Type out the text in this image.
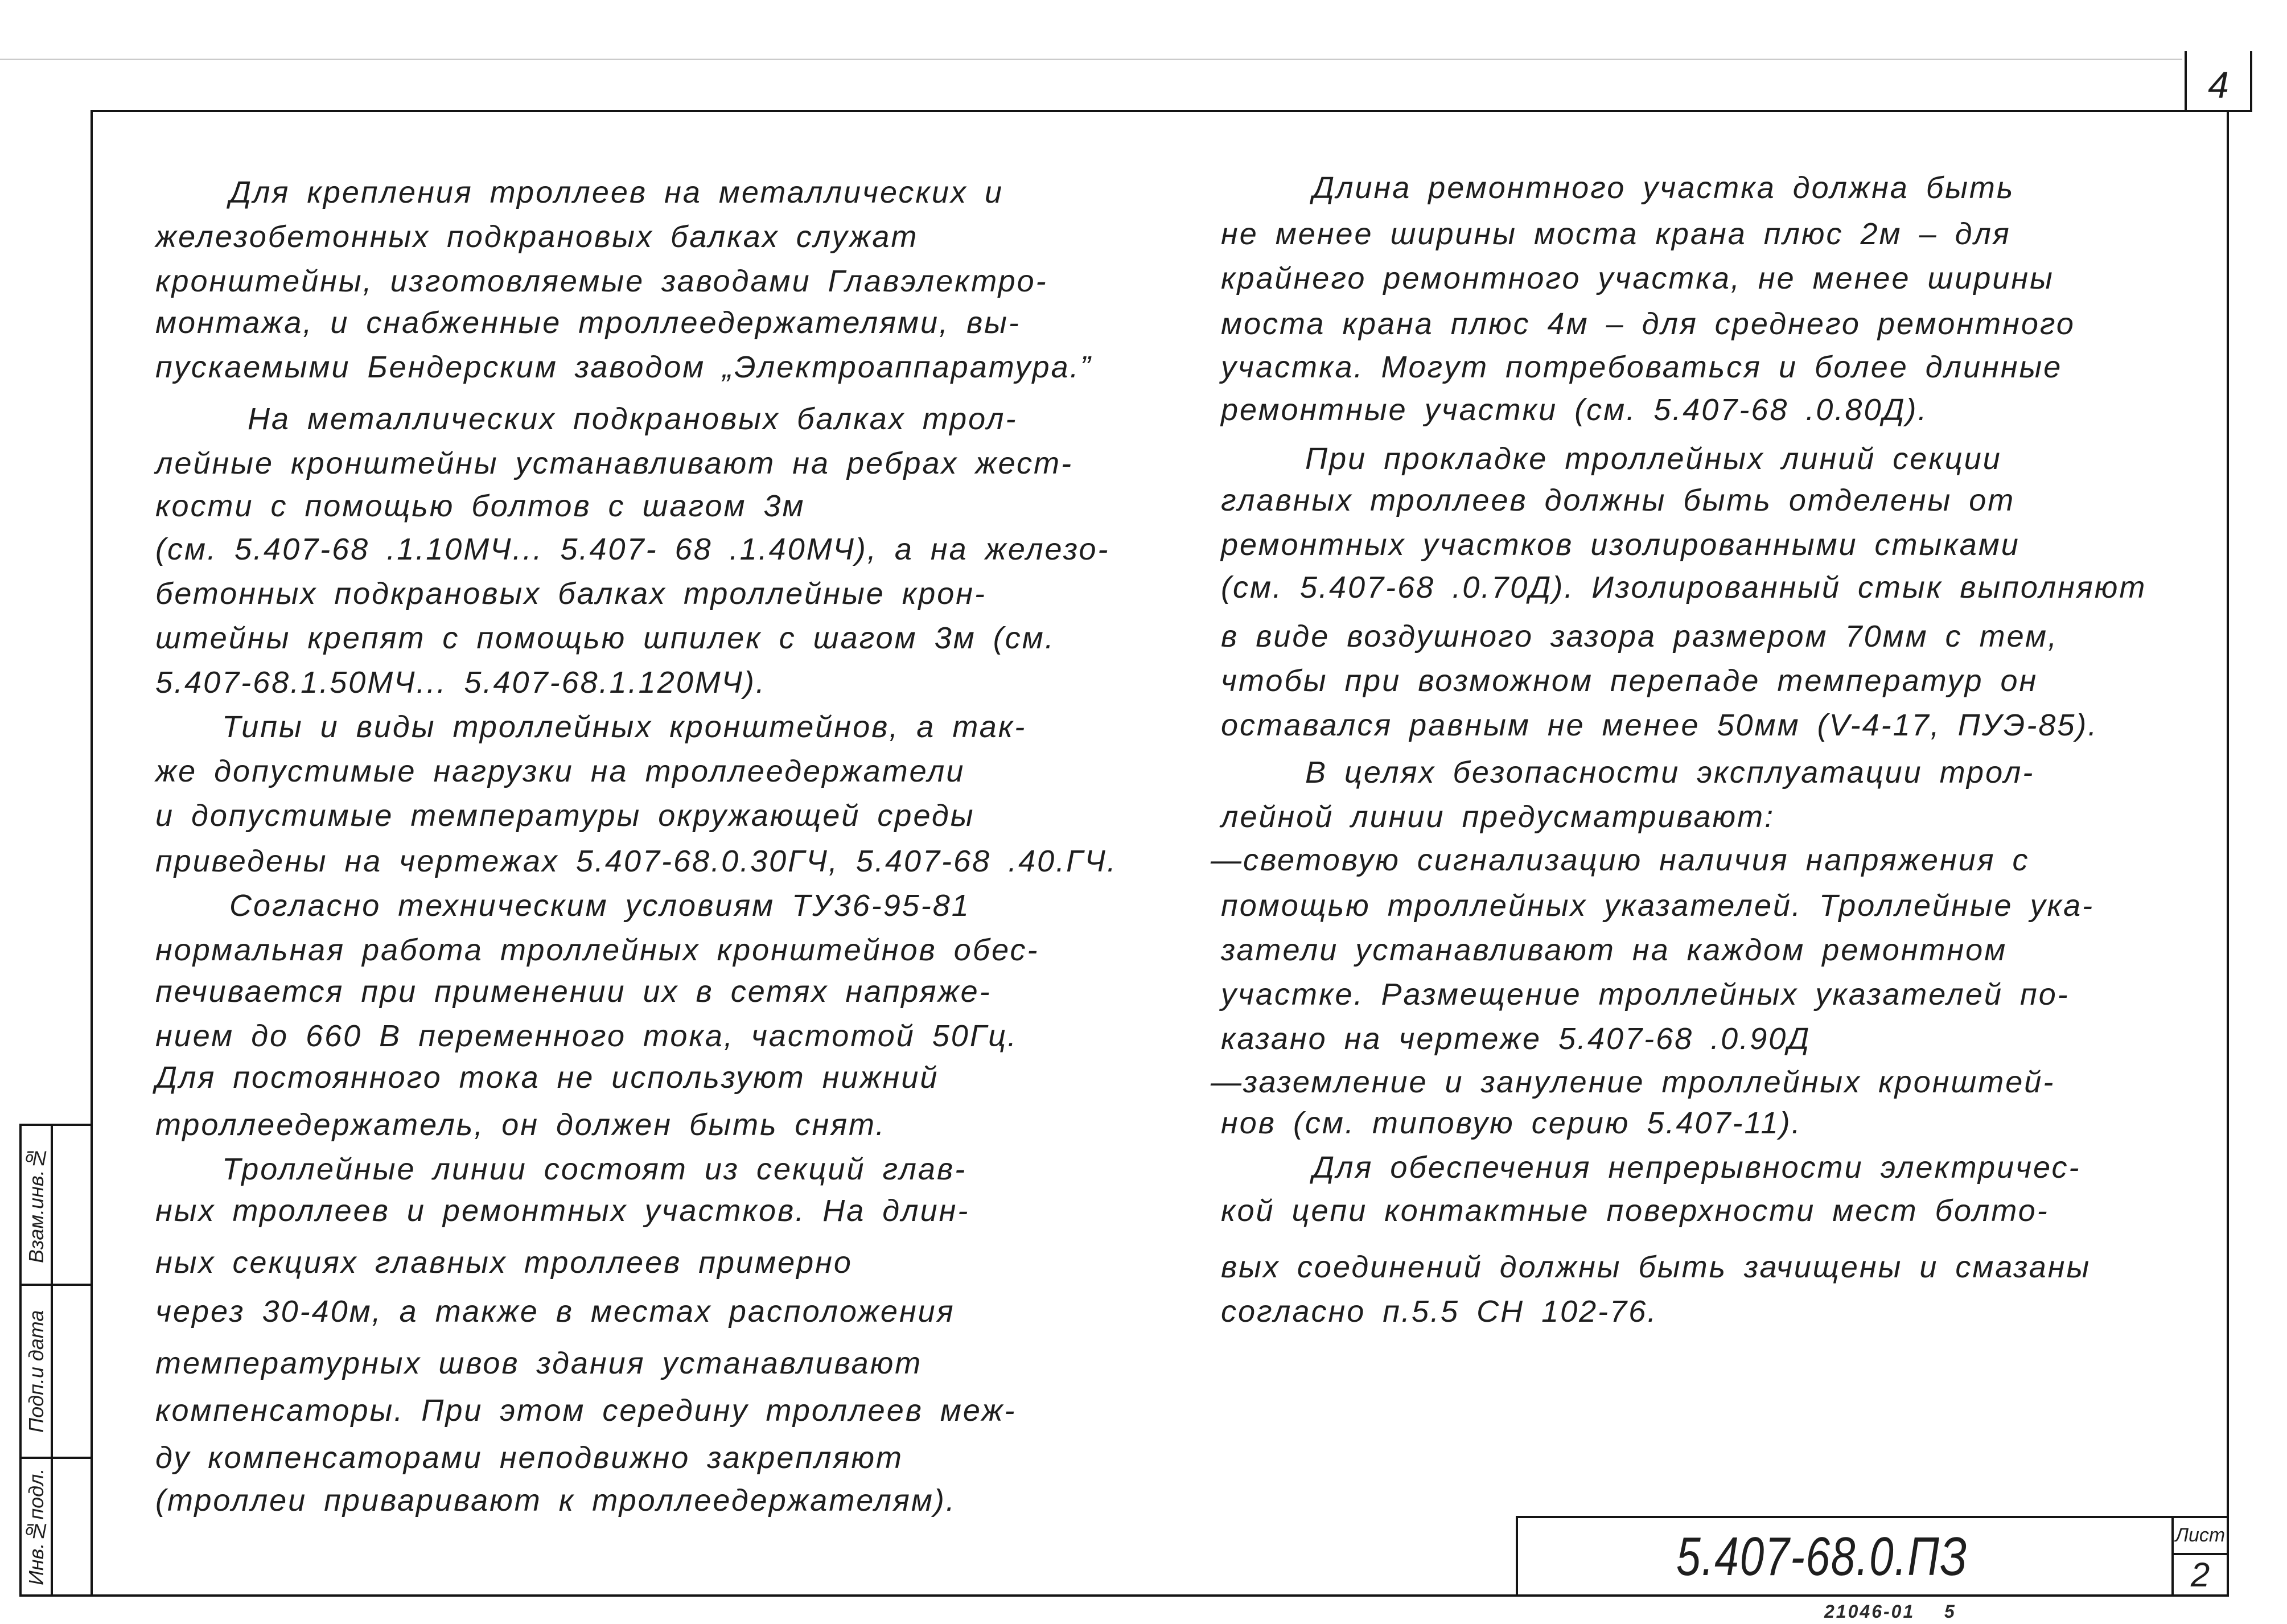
4
Взам.инв.№
Подп.и дата
Инв.№подл.
Для крепления троллеев на металлических и
железобетонных подкрановых балках служат
кронштейны, изготовляемые заводами Главэлектро-
монтажа, и снабженные троллеедержателями, вы-
пускаемыми Бендерским заводом „Электроаппаратура.”
На металлических подкрановых балках трол-
лейные кронштейны устанавливают на ребрах жест-
кости с помощью болтов с шагом 3м
(см. 5.407-68 .1.10МЧ... 5.407- 68 .1.40МЧ), а на железо-
бетонных подкрановых балках троллейные крон-
штейны крепят с помощью шпилек с шагом 3м (см.
5.407-68.1.50МЧ... 5.407-68.1.120МЧ).
Типы и виды троллейных кронштейнов, а так-
же допустимые нагрузки на троллеедержатели
и допустимые температуры окружающей среды
приведены на чертежах 5.407-68.0.30ГЧ, 5.407-68 .40.ГЧ.
Согласно техническим условиям ТУ36-95-81
нормальная работа троллейных кронштейнов обес-
печивается при применении их в сетях напряже-
нием до 660 В переменного тока, частотой 50Гц.
Для постоянного тока не используют нижний
троллеедержатель, он должен быть снят.
Троллейные линии состоят из секций глав-
ных троллеев и ремонтных участков. На длин-
ных секциях главных троллеев примерно
через 30-40м, а также в местах расположения
температурных швов здания устанавливают
компенсаторы. При этом середину троллеев меж-
ду компенсаторами неподвижно закрепляют
(троллеи приваривают к троллеедержателям).
Длина ремонтного участка должна быть
не менее ширины моста крана плюс 2м – для
крайнего ремонтного участка, не менее ширины
моста крана плюс 4м – для среднего ремонтного
участка. Могут потребоваться и более длинные
ремонтные участки (см. 5.407-68 .0.80Д).
При прокладке троллейных линий секции
главных троллеев должны быть отделены от
ремонтных участков изолированными стыками
(см. 5.407-68 .0.70Д). Изолированный стык выполняют
в виде воздушного зазора размером 70мм с тем,
чтобы при возможном перепаде температур он
оставался равным не менее 50мм (V-4-17, ПУЭ-85).
В целях безопасности эксплуатации трол-
лейной линии предусматривают:
—световую сигнализацию наличия напряжения с
помощью троллейных указателей. Троллейные ука-
затели устанавливают на каждом ремонтном
участке. Размещение троллейных указателей по-
казано на чертеже 5.407-68 .0.90Д
—заземление и зануление троллейных кронштей-
нов (см. типовую серию 5.407-11).
Для обеспечения непрерывности электричес-
кой цепи контактные поверхности мест болто-
вых соединений должны быть зачищены и смазаны
согласно п.5.5 СН 102-76.
5.407-68.0.ПЗ	Лист
2
21046-01  5
